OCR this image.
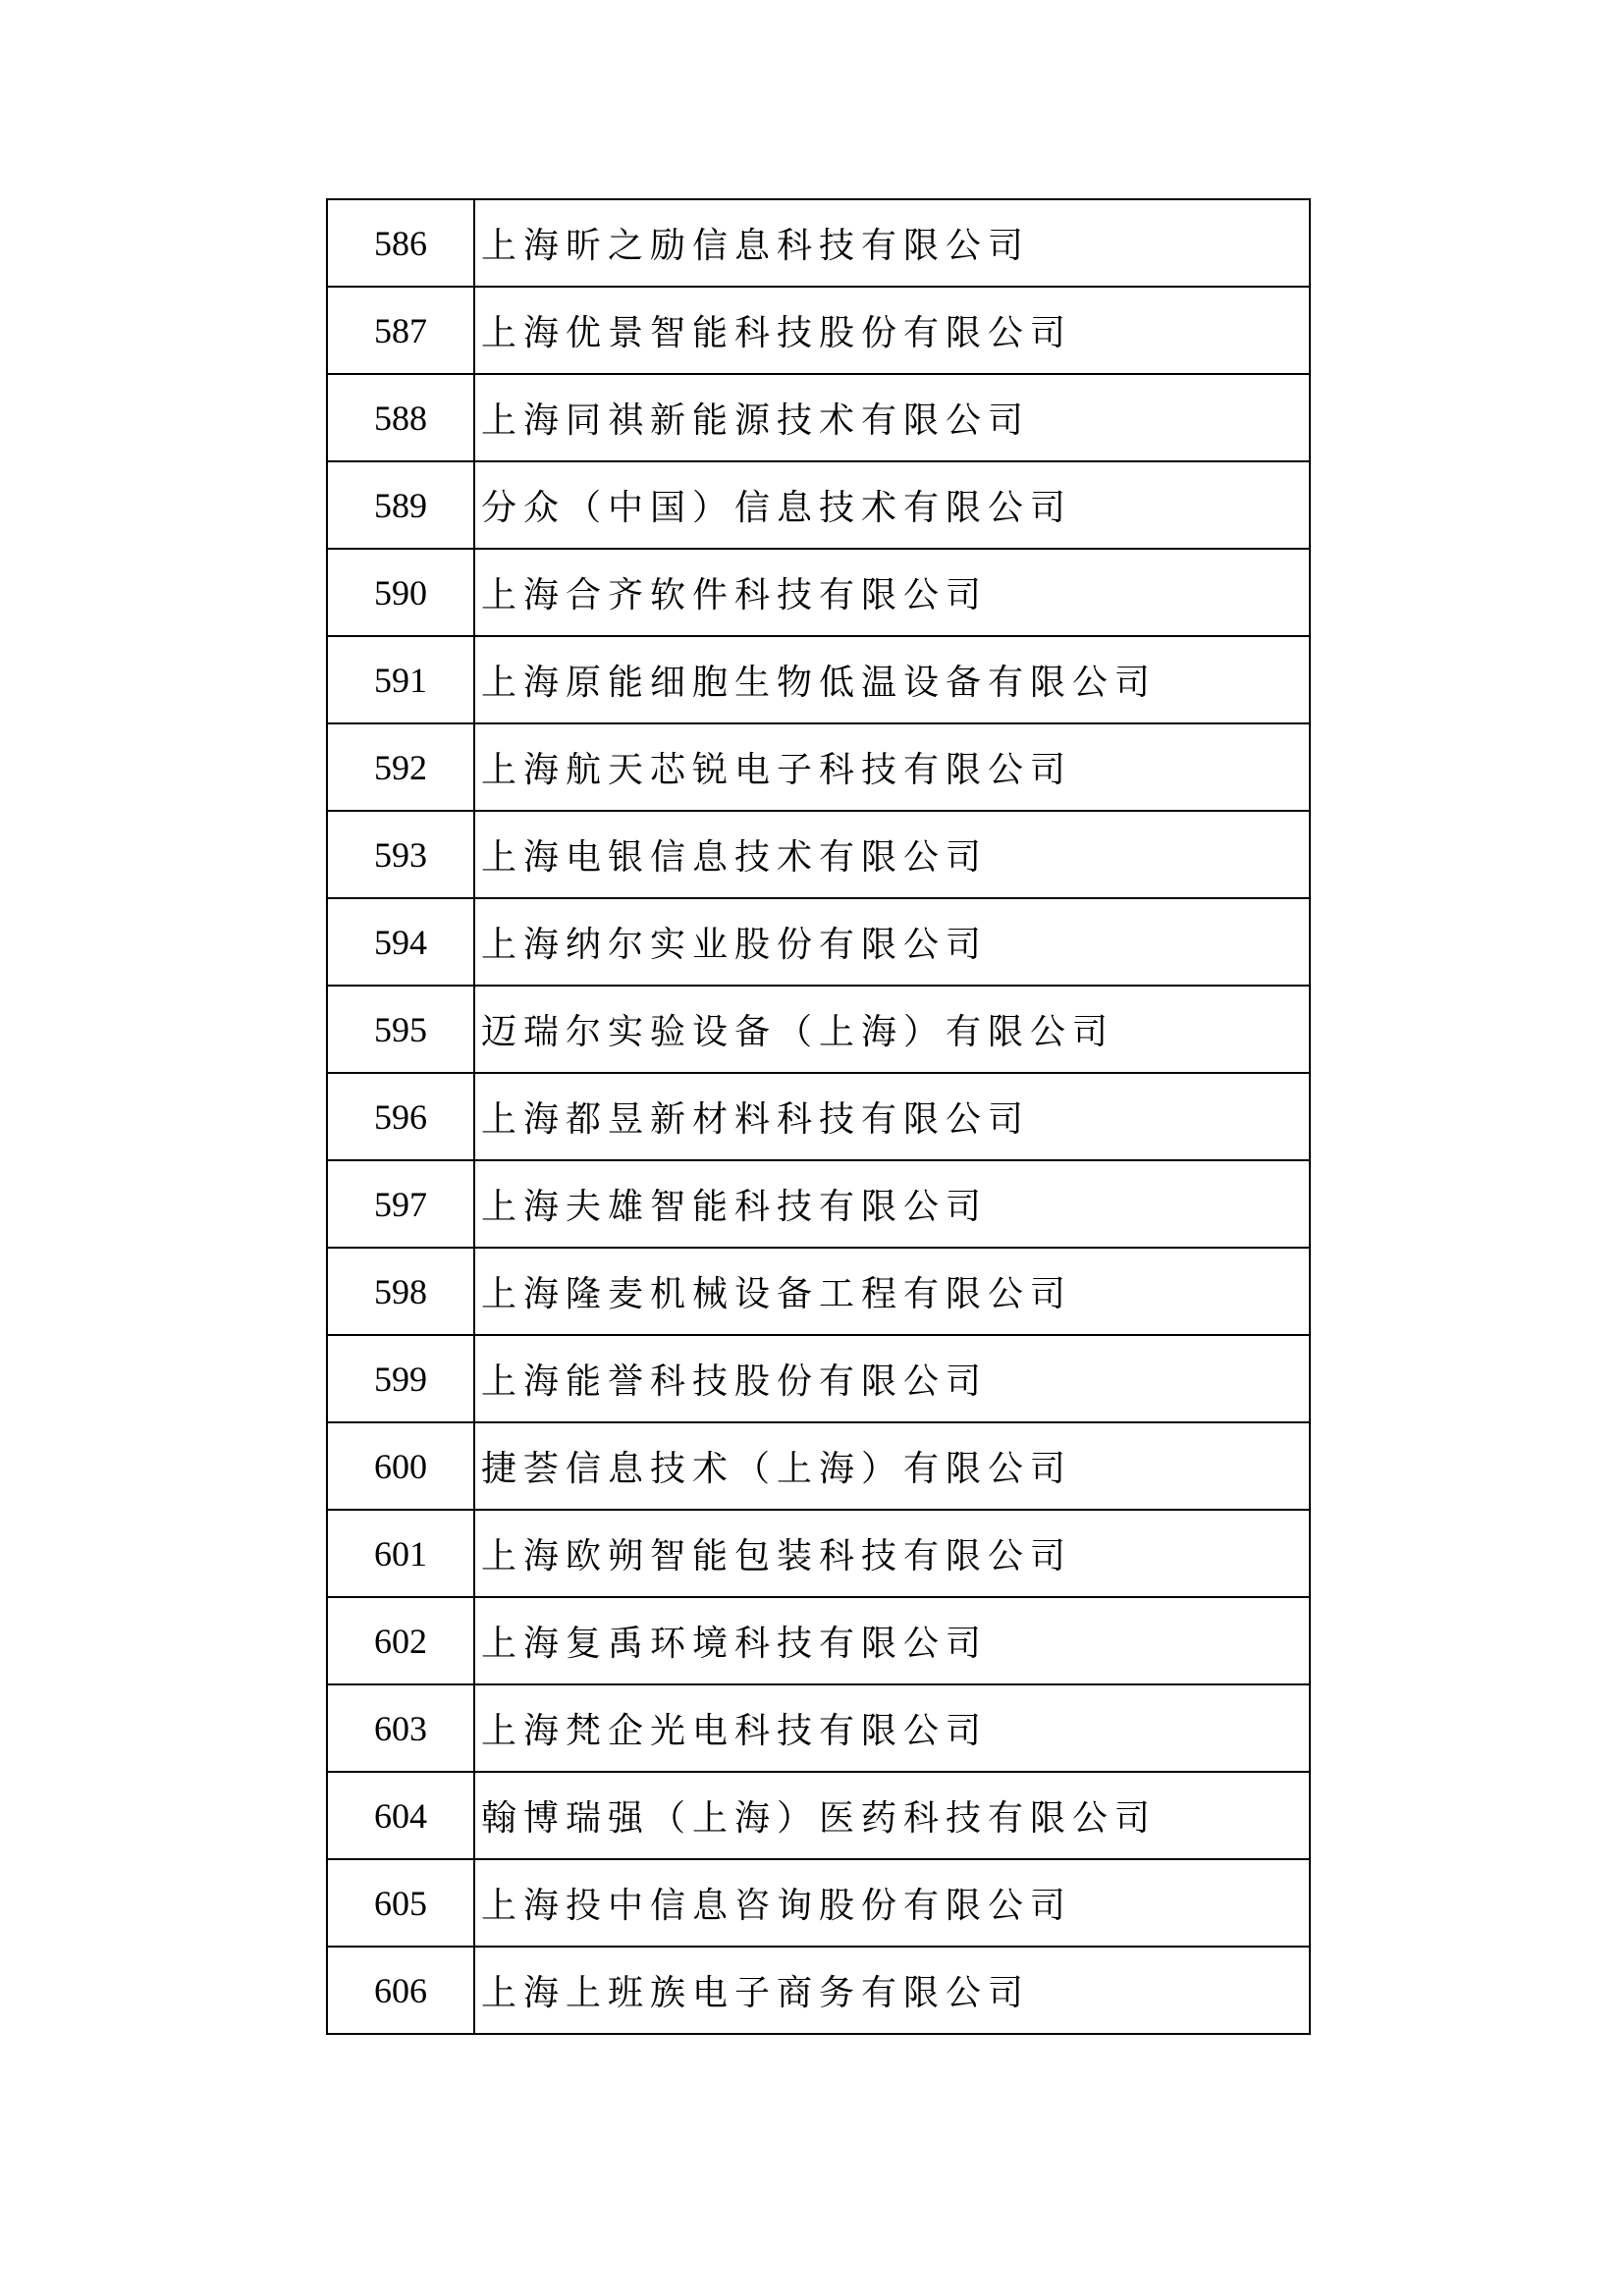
586	上海昕之励信息科技有限公司
587	上海优景智能科技股份有限公司
588	上海同祺新能源技术有限公司
589	分众（中国）信息技术有限公司
590	上海合齐软件科技有限公司
591	上海原能细胞生物低温设备有限公司
592	上海航天芯锐电子科技有限公司
593	上海电银信息技术有限公司
594	上海纳尔实业股份有限公司
595	迈瑞尔实验设备（上海）有限公司
596	上海都昱新材料科技有限公司
597	上海夫雄智能科技有限公司
598	上海隆麦机械设备工程有限公司
599	上海能誉科技股份有限公司
600	捷荟信息技术（上海）有限公司
601	上海欧朔智能包装科技有限公司
602	上海复禹环境科技有限公司
603	上海梵企光电科技有限公司
604	翰博瑞强（上海）医药科技有限公司
605	上海投中信息咨询股份有限公司
606	上海上班族电子商务有限公司
